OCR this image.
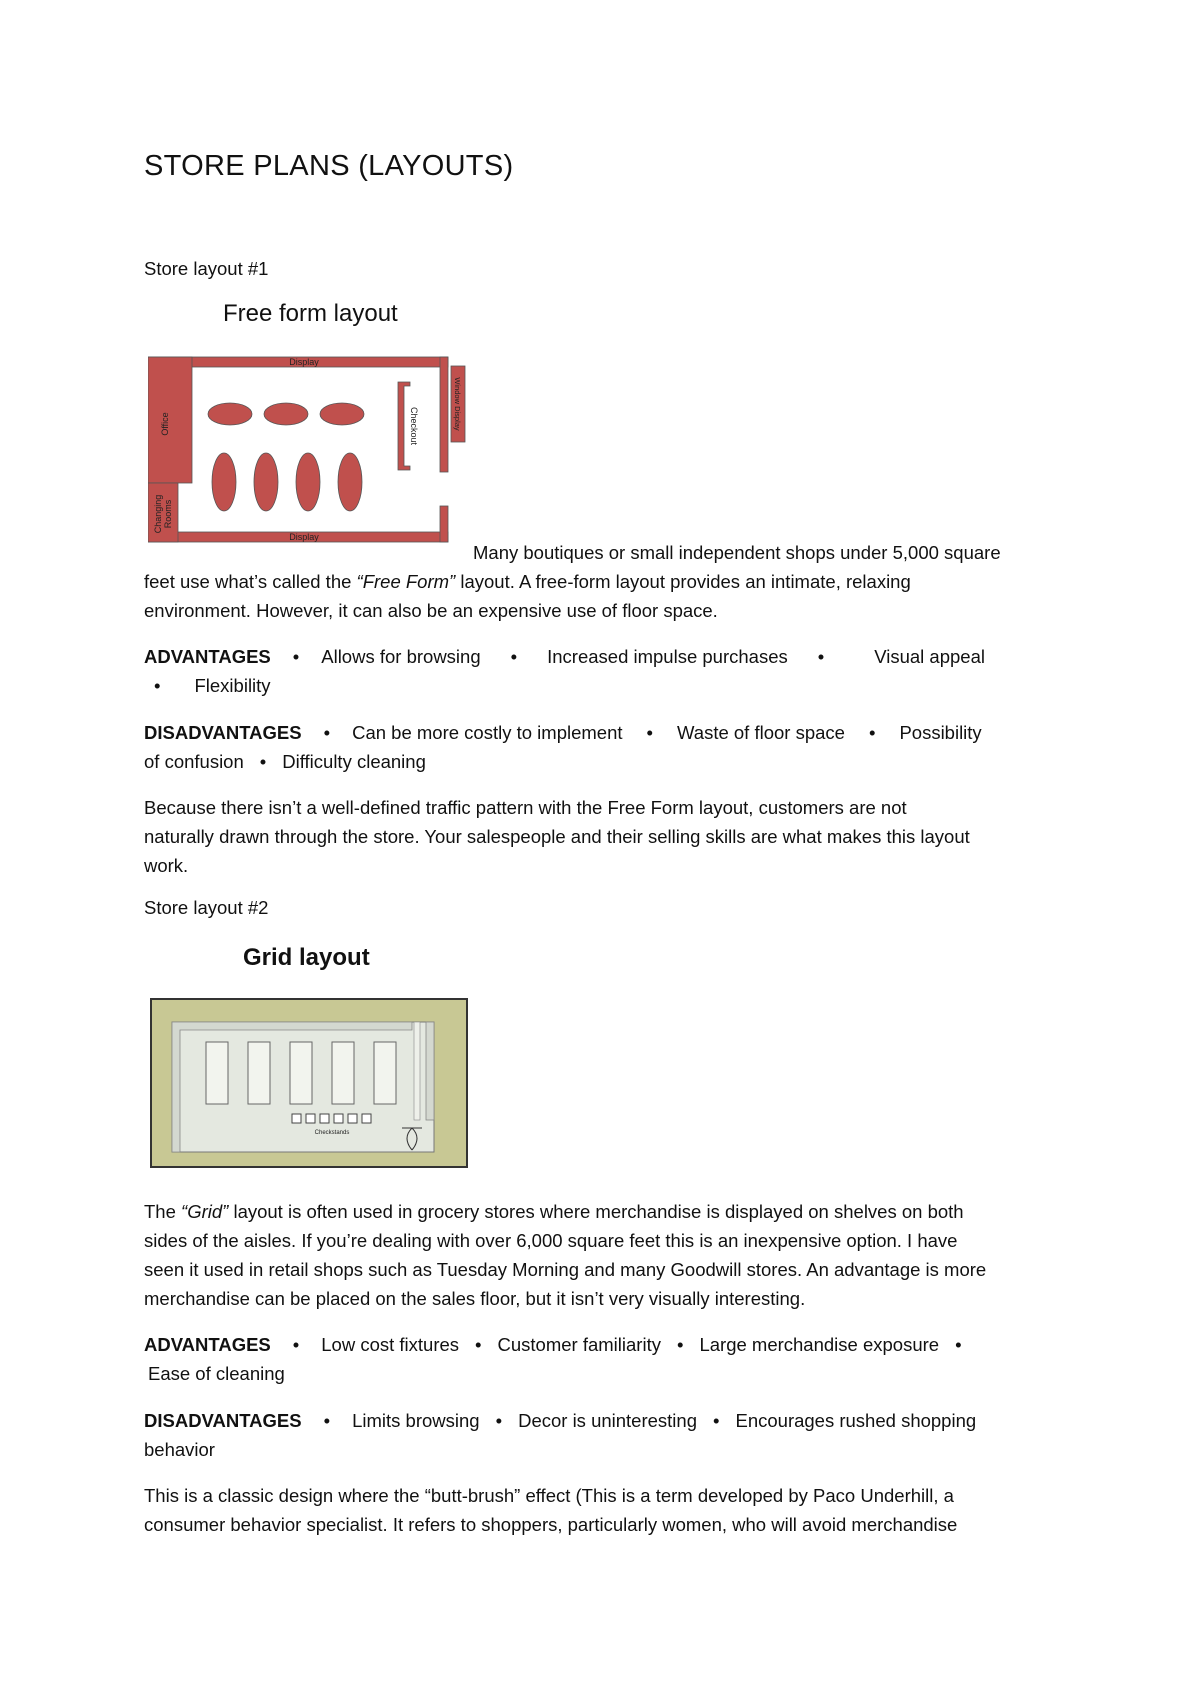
STORE PLANS (LAYOUTS)
Store layout #1
Free form layout
Display
Display
Office
Changing Rooms
Checkout	Window Display
Many boutiques or small independent shops under 5,000 square
feet use what’s called the “Free Form” layout. A free-form layout provides an intimate, relaxing
environment. However, it can also be an expensive use of floor space.
ADVANTAGES • Allows for browsing • Increased impulse purchases •	Visual appeal
• Flexibility
DISADVANTAGES • Can be more costly to implement • Waste of floor space • Possibility
of confusion • Difficulty cleaning
Because there isn’t a well-defined traffic pattern with the Free Form layout, customers are not
naturally drawn through the store. Your salespeople and their selling skills are what makes this layout
work.
Store layout #2
Grid layout
Checkstands
The “Grid” layout is often used in grocery stores where merchandise is displayed on shelves on both
sides of the aisles. If you’re dealing with over 6,000 square feet this is an inexpensive option. I have
seen it used in retail shops such as Tuesday Morning and many Goodwill stores. An advantage is more
merchandise can be placed on the sales floor, but it isn’t very visually interesting.
ADVANTAGES • Low cost fixtures • Customer familiarity • Large merchandise exposure •
Ease of cleaning
DISADVANTAGES • Limits browsing • Decor is uninteresting • Encourages rushed shopping
behavior
This is a classic design where the “butt-brush” effect (This is a term developed by Paco Underhill, a
consumer behavior specialist. It refers to shoppers, particularly women, who will avoid merchandise
